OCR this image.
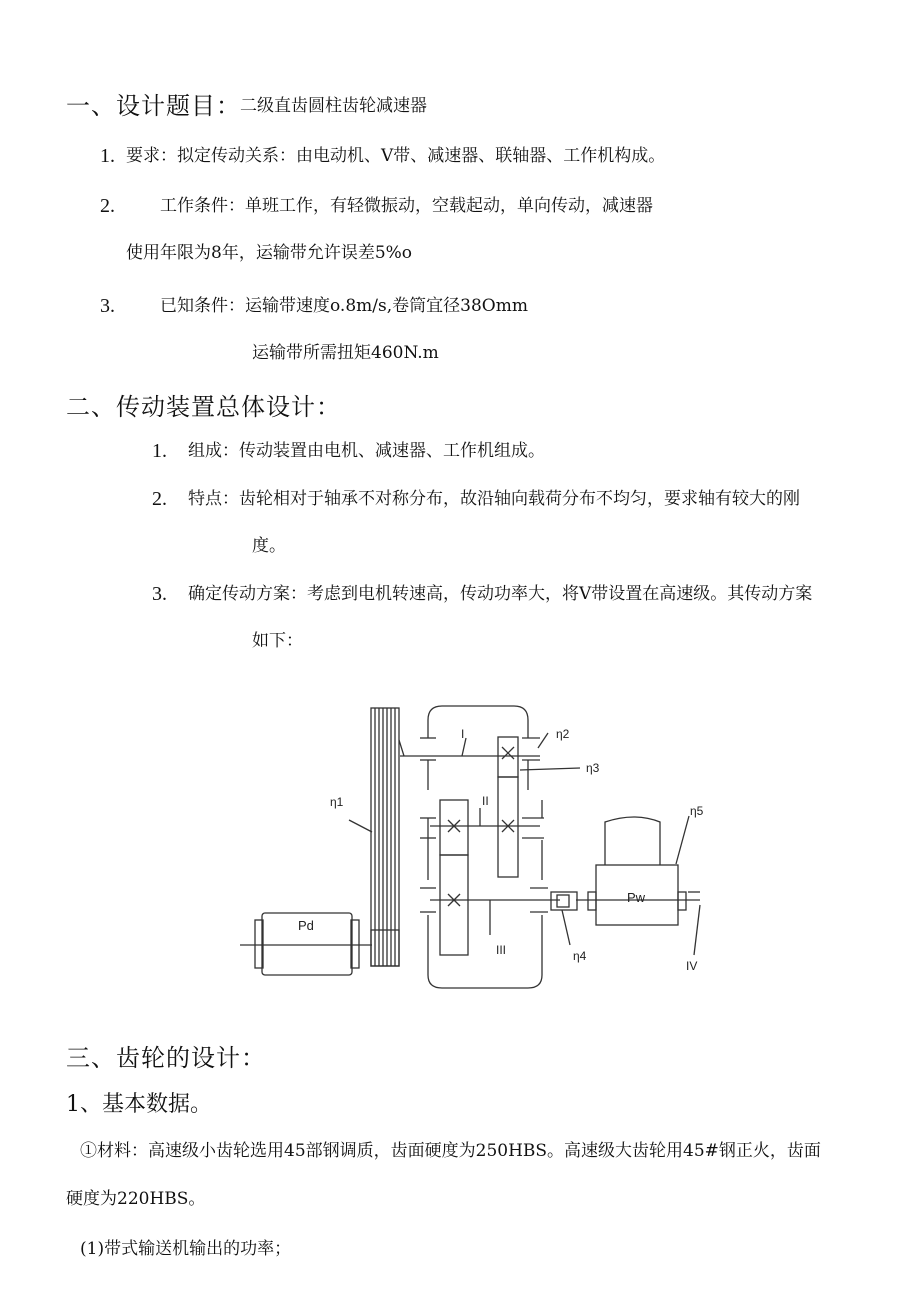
一、设计题目： 二级直齿圆柱齿轮减速器
1. 要求：拟定传动关系：由电动机、V带、减速器、联轴器、工作机构成。
2.	工作条件：单班工作，有轻微振动，空载起动，单向传动，减速器
使用年限为8年，运输带允许误差5%o
3.	已知条件：运输带速度o.8m∕s,卷筒宜径38Omm
运输带所需扭矩460N.m
二、传动装置总体设计：
1. 组成：传动装置由电机、减速器、工作机组成。
2. 特点：齿轮相对于轴承不对称分布，故沿轴向载荷分布不均匀，要求轴有较大的刚
度。
3. 确定传动方案：考虑到电机转速高，传动功率大，将V带设置在高速级。其传动方案
如下：
I
II
III
IV
η1
η2
η3
η4
η5
Pd
Pw
三、齿轮的设计：
1、基本数据。
①材料：高速级小齿轮选用45部钢调质，齿面硬度为250HBS。高速级大齿轮用45#钢正火，齿面
硬度为220HBS。
(1)带式输送机输出的功率；
